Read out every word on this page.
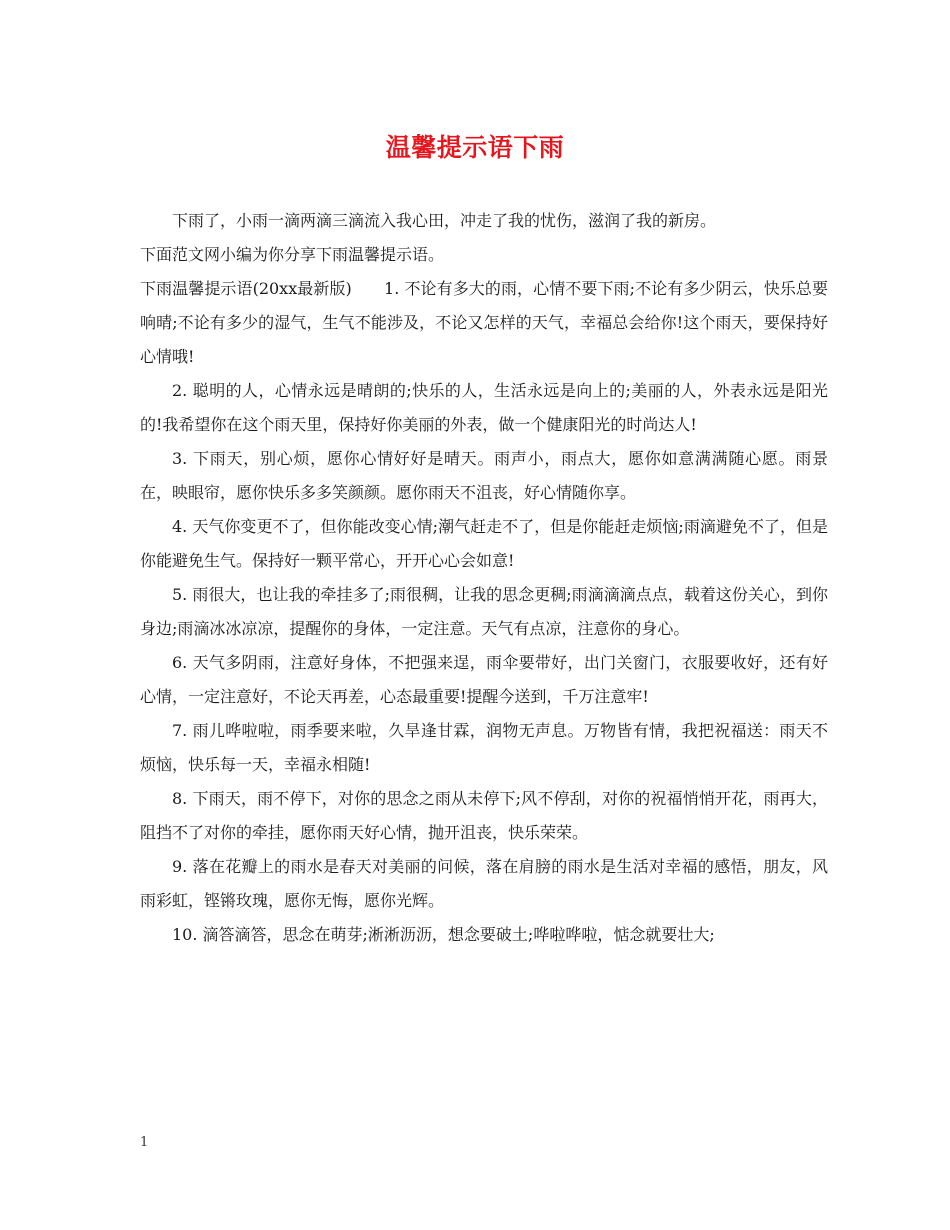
温馨提示语下雨

下雨了，小雨一滴两滴三滴流入我心田，冲走了我的忧伤，滋润了我的新房。

下面范文网小编为你分享下雨温馨提示语。

下雨温馨提示语(20xx最新版)　　1. 不论有多大的雨，心情不要下雨;不论有多少阴云，快乐总要响晴;不论有多少的湿气，生气不能涉及，不论又怎样的天气，幸福总会给你!这个雨天，要保持好心情哦!

2. 聪明的人，心情永远是晴朗的;快乐的人，生活永远是向上的;美丽的人，外表永远是阳光的!我希望你在这个雨天里，保持好你美丽的外表，做一个健康阳光的时尚达人!

3. 下雨天，别心烦，愿你心情好好是晴天。雨声小，雨点大，愿你如意满满随心愿。雨景在，映眼帘，愿你快乐多多笑颜颜。愿你雨天不沮丧，好心情随你享。

4. 天气你变更不了，但你能改变心情;潮气赶走不了，但是你能赶走烦恼;雨滴避免不了，但是你能避免生气。保持好一颗平常心，开开心心会如意!

5. 雨很大，也让我的牵挂多了;雨很稠，让我的思念更稠;雨滴滴滴点点，载着这份关心，到你身边;雨滴冰冰凉凉，提醒你的身体，一定注意。天气有点凉，注意你的身心。

6. 天气多阴雨，注意好身体，不把强来逞，雨伞要带好，出门关窗门，衣服要收好，还有好心情，一定注意好，不论天再差，心态最重要!提醒今送到，千万注意牢!

7. 雨儿哗啦啦，雨季要来啦，久旱逢甘霖，润物无声息。万物皆有情，我把祝福送：雨天不烦恼，快乐每一天，幸福永相随!

8. 下雨天，雨不停下，对你的思念之雨从未停下;风不停刮，对你的祝福悄悄开花，雨再大，阻挡不了对你的牵挂，愿你雨天好心情，抛开沮丧，快乐荣荣。

9. 落在花瓣上的雨水是春天对美丽的问候，落在肩膀的雨水是生活对幸福的感悟，朋友，风雨彩虹，铿锵玫瑰，愿你无悔，愿你光辉。

10. 滴答滴答，思念在萌芽;淅淅沥沥，想念要破土;哗啦哗啦，惦念就要壮大;

1
